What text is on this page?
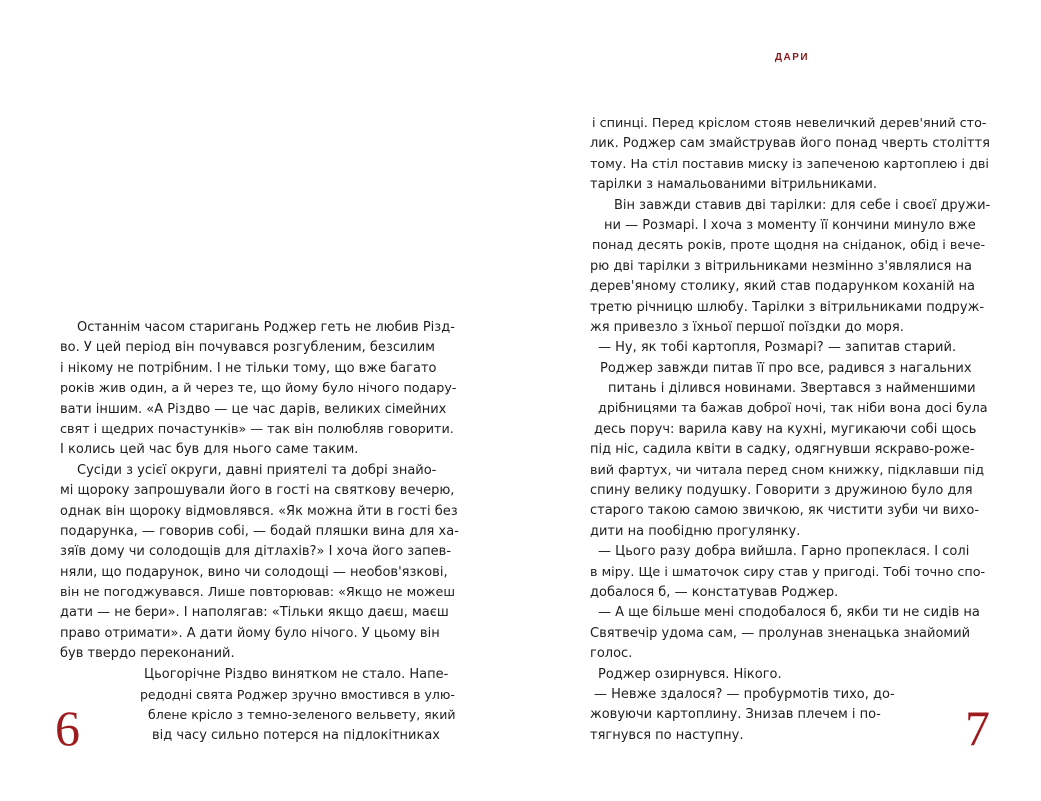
ДАРИ
Останнім часом старигань Роджер геть не любив Різд-
во. У цей період він почувався розгубленим, безсилим
і нікому не потрібним. І не тільки тому, що вже багато
років жив один, а й через те, що йому було нічого подару-
вати іншим. «А Різдво — це час дарів, великих сімейних
свят і щедрих почастунків» — так він полюбляв говорити.
І колись цей час був для нього саме таким.
Сусіди з усієї округи, давні приятелі та добрі знайо-
мі щороку запрошували його в гості на святкову вечерю,
однак він щороку відмовлявся. «Як можна йти в гості без
подарунка, — говорив собі, — бодай пляшки вина для ха-
зяїв дому чи солодощів для дітлахів?» І хоча його запев-
няли, що подарунок, вино чи солодощі — необов'язкові,
він не погоджувався. Лише повторював: «Якщо не можеш
дати — не бери». І наполягав: «Тільки якщо даєш, маєш
право отримати». А дати йому було нічого. У цьому він
був твердо переконаний.
Цьогорічне Різдво винятком не стало. Напе-
редодні свята Роджер зручно вмостився в улю-
блене крісло з темно-зеленого вельвету, який
від часу сильно потерся на підлокітниках
6
і спинці. Перед кріслом стояв невеличкий дерев'яний сто-
лик. Роджер сам змайстрував його понад чверть століття
тому. На стіл поставив миску із запеченою картоплею і дві
тарілки з намальованими вітрильниками.
Він завжди ставив дві тарілки: для себе і своєї дружи-
ни — Розмарі. І хоча з моменту її кончини минуло вже
понад десять років, проте щодня на сніданок, обід і вече-
рю дві тарілки з вітрильниками незмінно з'являлися на
дерев'яному столику, який став подарунком коханій на
третю річницю шлюбу. Тарілки з вітрильниками подруж-
жя привезло з їхньої першої поїздки до моря.
— Ну, як тобі картопля, Розмарі? — запитав старий.
Роджер завжди питав її про все, радився з нагальних
питань і ділився новинами. Звертався з найменшими
дрібницями та бажав доброї ночі, так ніби вона досі була
десь поруч: варила каву на кухні, мугикаючи собі щось
під ніс, садила квіти в садку, одягнувши яскраво-роже-
вий фартух, чи читала перед сном книжку, підклавши під
спину велику подушку. Говорити з дружиною було для
старого такою самою звичкою, як чистити зуби чи вихо-
дити на пообідню прогулянку.
— Цього разу добра вийшла. Гарно пропеклася. І солі
в міру. Ще і шматочок сиру став у пригоді. Тобі точно спо-
добалося б, — констатував Роджер.
— А ще більше мені сподобалося б, якби ти не сидів на
Святвечір удома сам, — пролунав зненацька знайомий
голос.
Роджер озирнувся. Нікого.
— Невже здалося? — пробурмотів тихо, до-
жовуючи картоплину. Знизав плечем і по-
тягнувся по наступну.	7
